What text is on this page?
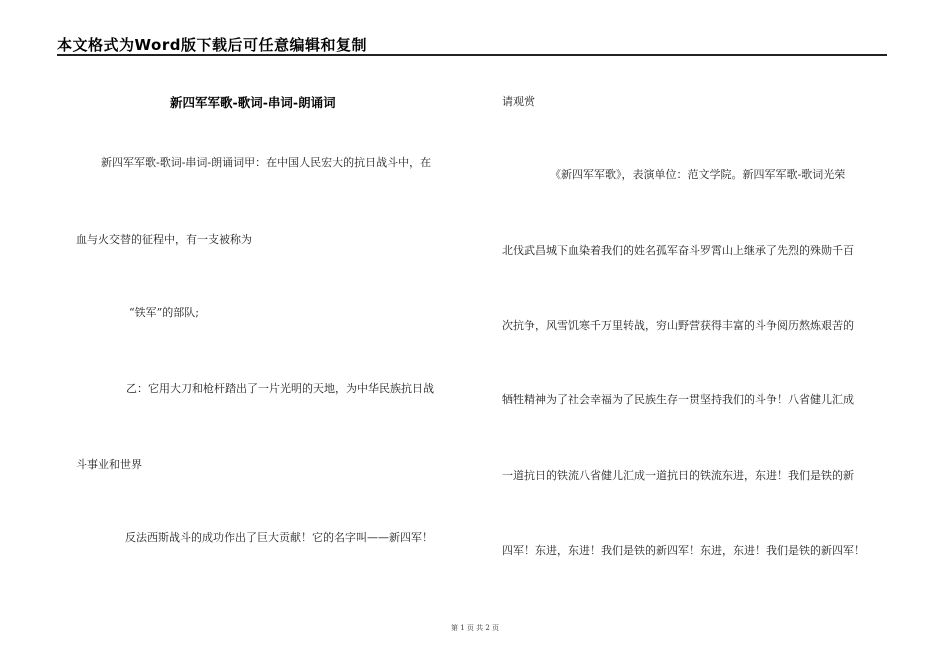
本文格式为Word版下载后可任意编辑和复制
新四军军歌-歌词-串词-朗诵词
新四军军歌-歌词-串词-朗诵词甲：在中国人民宏大的抗日战斗中，在
血与火交替的征程中，有一支被称为
“铁军”的部队;
乙：它用大刀和枪杆踏出了一片光明的天地，为中华民族抗日战
斗事业和世界
反法西斯战斗的成功作出了巨大贡献！它的名字叫——新四军！
请观赏
《新四军军歌》，表演单位：范文学院。新四军军歌-歌词光荣
北伐武昌城下血染着我们的姓名孤军奋斗罗霄山上继承了先烈的殊勋千百
次抗争，风雪饥寒千万里转战，穷山野营获得丰富的斗争阅历熬炼艰苦的
牺牲精神为了社会幸福为了民族生存一贯坚持我们的斗争！八省健儿汇成
一道抗日的铁流八省健儿汇成一道抗日的铁流东进，东进！我们是铁的新
四军！东进，东进！我们是铁的新四军！东进，东进！我们是铁的新四军！
第 1 页 共 2 页
